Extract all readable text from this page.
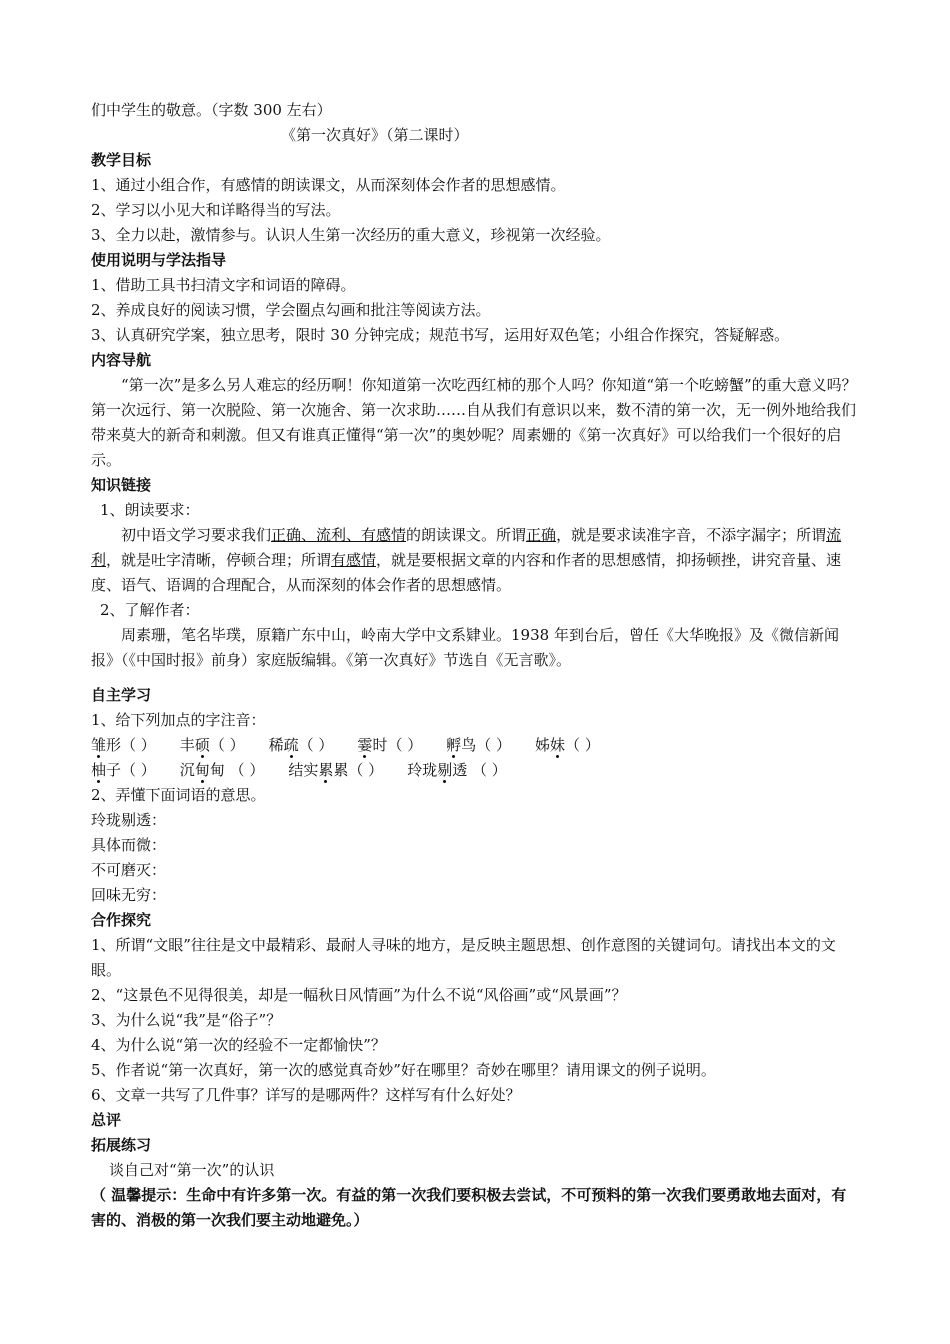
们中学生的敬意。（字数 300 左右）
《第一次真好》（第二课时）
教学目标
1、通过小组合作，有感情的朗读课文，从而深刻体会作者的思想感情。
2、学习以小见大和详略得当的写法。
3、全力以赴，激情参与。认识人生第一次经历的重大意义，珍视第一次经验。
使用说明与学法指导
1、借助工具书扫清文字和词语的障碍。
2、养成良好的阅读习惯，学会圈点勾画和批注等阅读方法。
3、认真研究学案，独立思考，限时 30 分钟完成；规范书写，运用好双色笔；小组合作探究，答疑解惑。
内容导航
“第一次”是多么另人难忘的经历啊！你知道第一次吃西红柿的那个人吗？你知道“第一个吃螃蟹”的重大意义吗？第一次远行、第一次脱险、第一次施舍、第一次求助……自从我们有意识以来，数不清的第一次，无一例外地给我们带来莫大的新奇和刺激。但又有谁真正懂得“第一次”的奥妙呢？周素姗的《第一次真好》可以给我们一个很好的启示。
知识链接
1、朗读要求：
初中语文学习要求我们正确、流利、有感情的朗读课文。所谓正确，就是要求读准字音，不添字漏字；所谓流利，就是吐字清晰，停顿合理；所谓有感情，就是要根据文章的内容和作者的思想感情，抑扬顿挫，讲究音量、速度、语气、语调的合理配合，从而深刻的体会作者的思想感情。
2、了解作者：
周素珊，笔名毕璞，原籍广东中山，岭南大学中文系肄业。1938 年到台后，曾任《大华晚报》及《微信新闻报》（《中国时报》前身）家庭版编辑。《第一次真好》节选自《无言歌》。
自主学习
1、给下列加点的字注音：
雏形（ ） 丰硕（ ） 稀疏（ ） 霎时（ ） 孵鸟（ ） 姊妹（ ）
柚子（ ） 沉甸甸 （ ） 结实累累（ ） 玲珑剔透 （ ）
2、弄懂下面词语的意思。
玲珑剔透：
具体而微：
不可磨灭：
回味无穷：
合作探究
1、所谓“文眼”往往是文中最精彩、最耐人寻味的地方，是反映主题思想、创作意图的关键词句。请找出本文的文眼。
2、“这景色不见得很美，却是一幅秋日风情画”为什么不说“风俗画”或“风景画”？
3、为什么说“我”是“俗子”？
4、为什么说“第一次的经验不一定都愉快”？
5、作者说“第一次真好，第一次的感觉真奇妙”好在哪里？奇妙在哪里？请用课文的例子说明。
6、文章一共写了几件事？详写的是哪两件？这样写有什么好处？
总评
拓展练习
谈自己对“第一次”的认识
（ 温馨提示：生命中有许多第一次。有益的第一次我们要积极去尝试，不可预料的第一次我们要勇敢地去面对，有害的、消极的第一次我们要主动地避免。）
